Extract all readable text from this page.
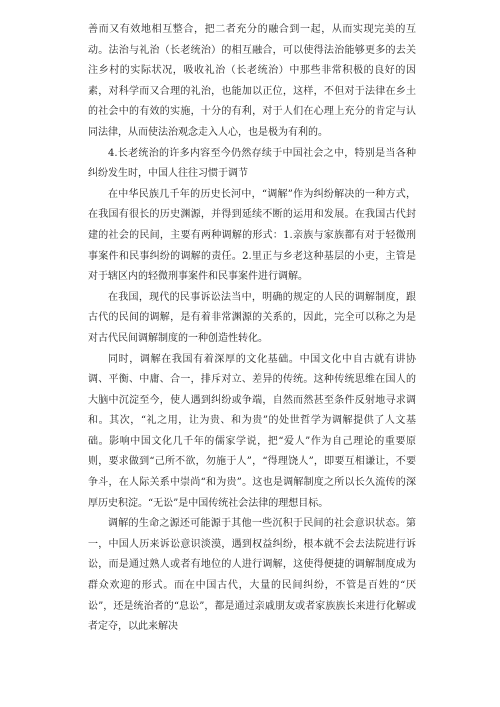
善而又有效地相互整合，把二者充分的融合到一起，从而实现完美的互动。法治与礼治（长老统治）的相互融合，可以使得法治能够更多的去关注乡村的实际状况，吸收礼治（长老统治）中那些非常积极的良好的因素，对科学而又合理的礼治，也能加以正位，这样，不但对于法律在乡土的社会中的有效的实施，十分的有利，对于人们在心理上充分的肯定与认同法律，从而使法治观念走入人心，也是极为有利的。

4.长老统治的许多内容至今仍然存续于中国社会之中，特别是当各种纠纷发生时，中国人往往习惯于调节

在中华民族几千年的历史长河中，“调解”作为纠纷解决的一种方式，在我国有很长的历史渊源，并得到延续不断的运用和发展。在我国古代封建的社会的民间，主要有两种调解的形式：1.亲族与家族都有对于轻微刑事案件和民事纠纷的调解的责任。2.里正与乡老这种基层的小吏，主管是对于辖区内的轻微刑事案件和民事案件进行调解。

在我国，现代的民事诉讼法当中，明确的规定的人民的调解制度，跟古代的民间的调解，是有着非常渊源的关系的，因此，完全可以称之为是对古代民间调解制度的一种创造性转化。

同时，调解在我国有着深厚的文化基础。中国文化中自古就有讲协调、平衡、中庸、合一，排斥对立、差异的传统。这种传统思维在国人的大脑中沉淀至今，使人遇到纠纷或争端，自然而然甚至条件反射地寻求调和。其次，“礼之用，让为贵、和为贵”的处世哲学为调解提供了人文基础。影响中国文化几千年的儒家学说，把“爱人”作为自己理论的重要原则，要求做到“己所不欲，勿施于人”，“得理饶人”，即要互相谦让，不要争斗，在人际关系中崇尚“和为贵”。这也是调解制度之所以长久流传的深厚历史积淀。“无讼”是中国传统社会法律的理想目标。

调解的生命之源还可能源于其他一些沉积于民间的社会意识状态。第一，中国人历来诉讼意识淡漠，遇到权益纠纷，根本就不会去法院进行诉讼，而是通过熟人或者有地位的人进行调解，这使得便捷的调解制度成为群众欢迎的形式。而在中国古代，大量的民间纠纷，不管是百姓的“厌讼”，还是统治者的“息讼”，都是通过亲戚朋友或者家族族长来进行化解或者定夺，以此来解决
